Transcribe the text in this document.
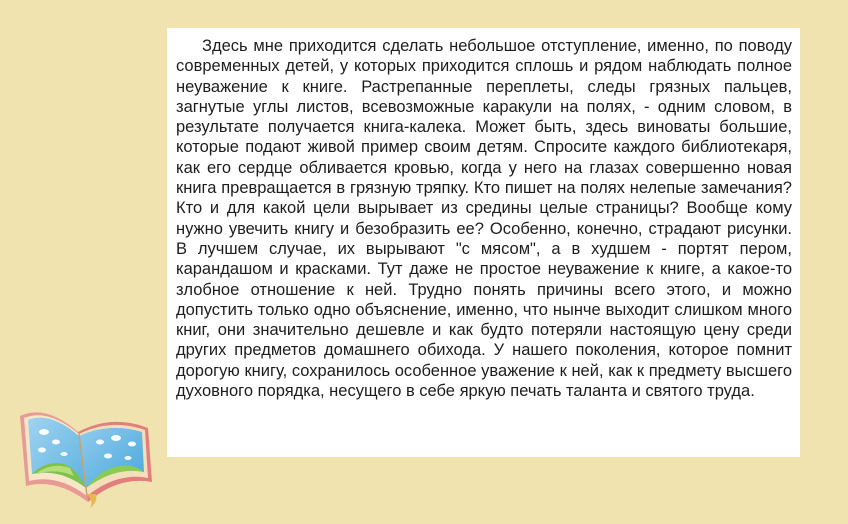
Здесь мне приходится сделать небольшое отступление, именно, по поводу современных детей, у которых приходится сплошь и рядом наблюдать полное неуважение к книге. Растрепанные переплеты, следы грязных пальцев, загнутые углы листов, всевозможные каракули на полях, - одним словом, в результате получается книга-калека. Может быть, здесь виноваты большие, которые подают живой пример своим детям. Спросите каждого библиотекаря, как его сердце обливается кровью, когда у него на глазах совершенно новая книга превращается в грязную тряпку. Кто пишет на полях нелепые замечания? Кто и для какой цели вырывает из средины целые страницы? Вообще кому нужно увечить книгу и безобразить ее? Особенно, конечно, страдают рисунки. В лучшем случае, их вырывают "с мясом", а в худшем - портят пером, карандашом и красками. Тут даже не простое неуважение к книге, а какое-то злобное отношение к ней. Трудно понять причины всего этого, и можно допустить только одно объяснение, именно, что нынче выходит слишком много книг, они значительно дешевле и как будто потеряли настоящую цену среди других предметов домашнего обихода. У нашего поколения, которое помнит дорогую книгу, сохранилось особенное уважение к ней, как к предмету высшего духовного порядка, несущего в себе яркую печать таланта и святого труда.
